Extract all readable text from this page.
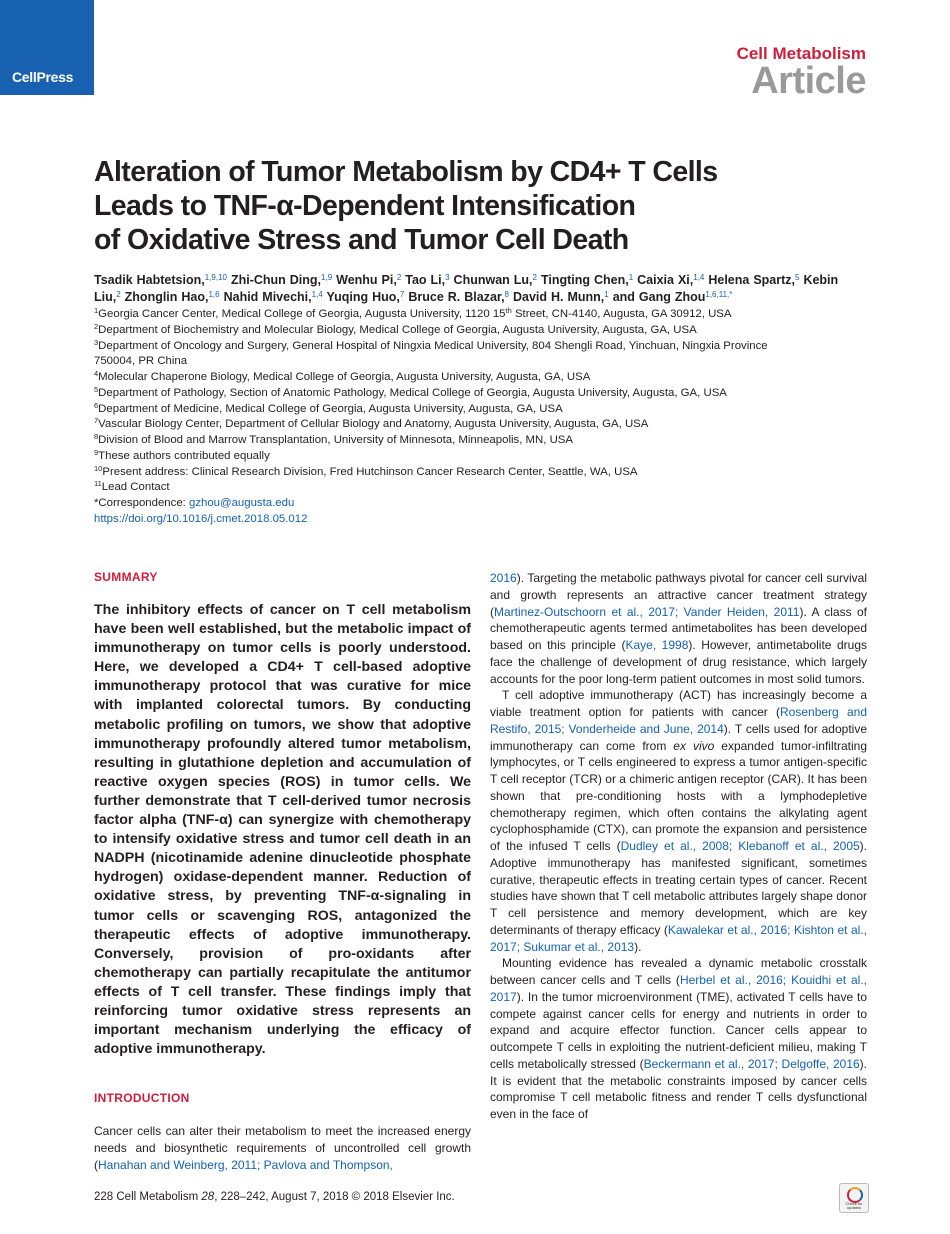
CellPress
Cell Metabolism
Article
Alteration of Tumor Metabolism by CD4+ T Cells
Leads to TNF-α-Dependent Intensification
of Oxidative Stress and Tumor Cell Death
Tsadik Habtetsion,$^{1,9,10}$ Zhi-Chun Ding,$^{1,9}$ Wenhu Pi,$^2$ Tao Li,$^3$ Chunwan Lu,$^2$ Tingting Chen,$^1$ Caixia Xi,$^{1,4}$ Helena Spartz,$^5$ Kebin Liu,$^2$ Zhonglin Hao,$^{1,6}$ Nahid Mivechi,$^{1,4}$ Yuqing Huo,$^7$ Bruce R. Blazar,$^8$ David H. Munn,$^1$ and Gang Zhou$^{1,6,11,*}$
$^1$Georgia Cancer Center, Medical College of Georgia, Augusta University, 1120 15th Street, CN-4140, Augusta, GA 30912, USA
$^2$Department of Biochemistry and Molecular Biology, Medical College of Georgia, Augusta University, Augusta, GA, USA
$^3$Department of Oncology and Surgery, General Hospital of Ningxia Medical University, 804 Shengli Road, Yinchuan, Ningxia Province
750004, PR China
$^4$Molecular Chaperone Biology, Medical College of Georgia, Augusta University, Augusta, GA, USA
$^5$Department of Pathology, Section of Anatomic Pathology, Medical College of Georgia, Augusta University, Augusta, GA, USA
$^6$Department of Medicine, Medical College of Georgia, Augusta University, Augusta, GA, USA
$^7$Vascular Biology Center, Department of Cellular Biology and Anatomy, Augusta University, Augusta, GA, USA
$^8$Division of Blood and Marrow Transplantation, University of Minnesota, Minneapolis, MN, USA
$^9$These authors contributed equally
$^{10}$Present address: Clinical Research Division, Fred Hutchinson Cancer Research Center, Seattle, WA, USA
$^{11}$Lead Contact
*Correspondence: gzhou@augusta.edu
https://doi.org/10.1016/j.cmet.2018.05.012
SUMMARY
The inhibitory effects of cancer on T cell metabolism have been well established, but the metabolic impact of immunotherapy on tumor cells is poorly understood. Here, we developed a CD4+ T cell-based adoptive immunotherapy protocol that was curative for mice with implanted colorectal tumors. By conducting metabolic profiling on tumors, we show that adoptive immunotherapy profoundly altered tumor metabolism, resulting in glutathione depletion and accumulation of reactive oxygen species (ROS) in tumor cells. We further demonstrate that T cell-derived tumor necrosis factor alpha (TNF-α) can synergize with chemotherapy to intensify oxidative stress and tumor cell death in an NADPH (nicotinamide adenine dinucleotide phosphate hydrogen) oxidase-dependent manner. Reduction of oxidative stress, by preventing TNF-α-signaling in tumor cells or scavenging ROS, antagonized the therapeutic effects of adoptive immunotherapy. Conversely, provision of pro-oxidants after chemotherapy can partially recapitulate the antitumor effects of T cell transfer. These findings imply that reinforcing tumor oxidative stress represents an important mechanism underlying the efficacy of adoptive immunotherapy.
INTRODUCTION
Cancer cells can alter their metabolism to meet the increased energy needs and biosynthetic requirements of uncontrolled cell growth (Hanahan and Weinberg, 2011; Pavlova and Thompson,

2016). Targeting the metabolic pathways pivotal for cancer cell survival and growth represents an attractive cancer treatment strategy (Martinez-Outschoorn et al., 2017; Vander Heiden, 2011). A class of chemotherapeutic agents termed antimetabolites has been developed based on this principle (Kaye, 1998). However, antimetabolite drugs face the challenge of development of drug resistance, which largely accounts for the poor long-term patient outcomes in most solid tumors.

T cell adoptive immunotherapy (ACT) has increasingly become a viable treatment option for patients with cancer (Rosenberg and Restifo, 2015; Vonderheide and June, 2014). T cells used for adoptive immunotherapy can come from ex vivo expanded tumor-infiltrating lymphocytes, or T cells engineered to express a tumor antigen-specific T cell receptor (TCR) or a chimeric antigen receptor (CAR). It has been shown that pre-conditioning hosts with a lymphodepletive chemotherapy regimen, which often contains the alkylating agent cyclophosphamide (CTX), can promote the expansion and persistence of the infused T cells (Dudley et al., 2008; Klebanoff et al., 2005). Adoptive immunotherapy has manifested significant, sometimes curative, therapeutic effects in treating certain types of cancer. Recent studies have shown that T cell metabolic attributes largely shape donor T cell persistence and memory development, which are key determinants of therapy efficacy (Kawalekar et al., 2016; Kishton et al., 2017; Sukumar et al., 2013).

Mounting evidence has revealed a dynamic metabolic crosstalk between cancer cells and T cells (Herbel et al., 2016; Kouidhi et al., 2017). In the tumor microenvironment (TME), activated T cells have to compete against cancer cells for energy and nutrients in order to expand and acquire effector function. Cancer cells appear to outcompete T cells in exploiting the nutrient-deficient milieu, making T cells metabolically stressed (Beckermann et al., 2017; Delgoffe, 2016). It is evident that the metabolic constraints imposed by cancer cells compromise T cell metabolic fitness and render T cells dysfunctional even in the face of

228 Cell Metabolism 28, 228–242, August 7, 2018 © 2018 Elsevier Inc.
Check for updates
